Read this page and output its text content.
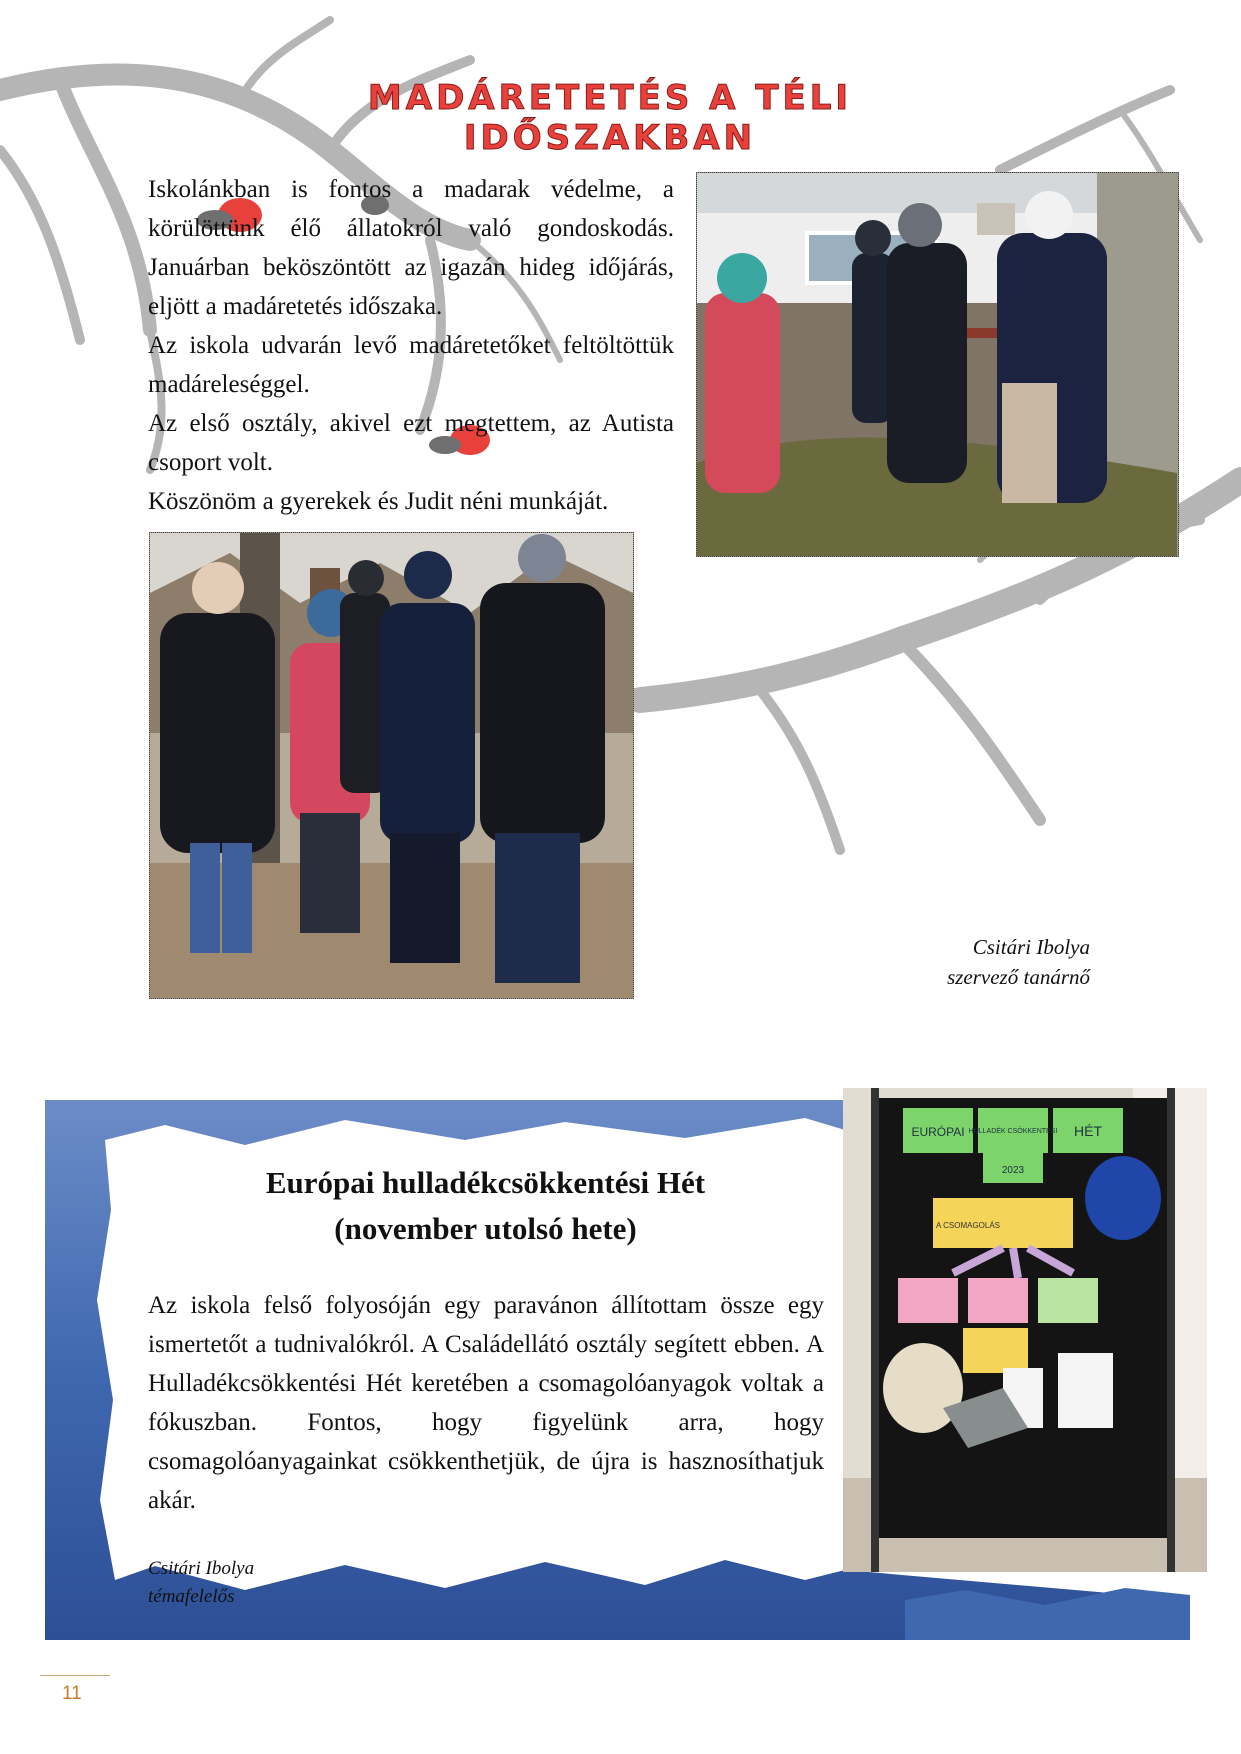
MADÁRETETÉS A TÉLI IDŐSZAKBAN

Iskolánkban is fontos a madarak védelme, a körülöttünk élő állatokról való gondoskodás. Januárban beköszöntött az igazán hideg időjárás, eljött a madáretetés időszaka.

Az iskola udvarán levő madáretetőket feltöltöttük madáreleséggel.

Az első osztály, akivel ezt megtettem, az Autista csoport volt.

Köszönöm a gyerekek és Judit néni munkáját.

Csitári Ibolya
szervező tanárnő
Európai hulladékcsökkentési Hét
(november utolsó hete)

Az iskola felső folyosóján egy paravánon állítottam össze egy ismertetőt a tudnivalókról. A Családellátó osztály segített ebben. A Hulladékcsökkentési Hét keretében a csomagolóanyagok voltak a fókuszban. Fontos, hogy figyelünk arra, hogy csomagolóanyagainkat csökkenthetjük, de újra is hasznosíthatjuk akár.

Csitári Ibolya
témafelelős
EURÓPAI HULLADÉK CSÖKKENTÉSI HÉT
2023
A CSOMAGOLÁS
11
